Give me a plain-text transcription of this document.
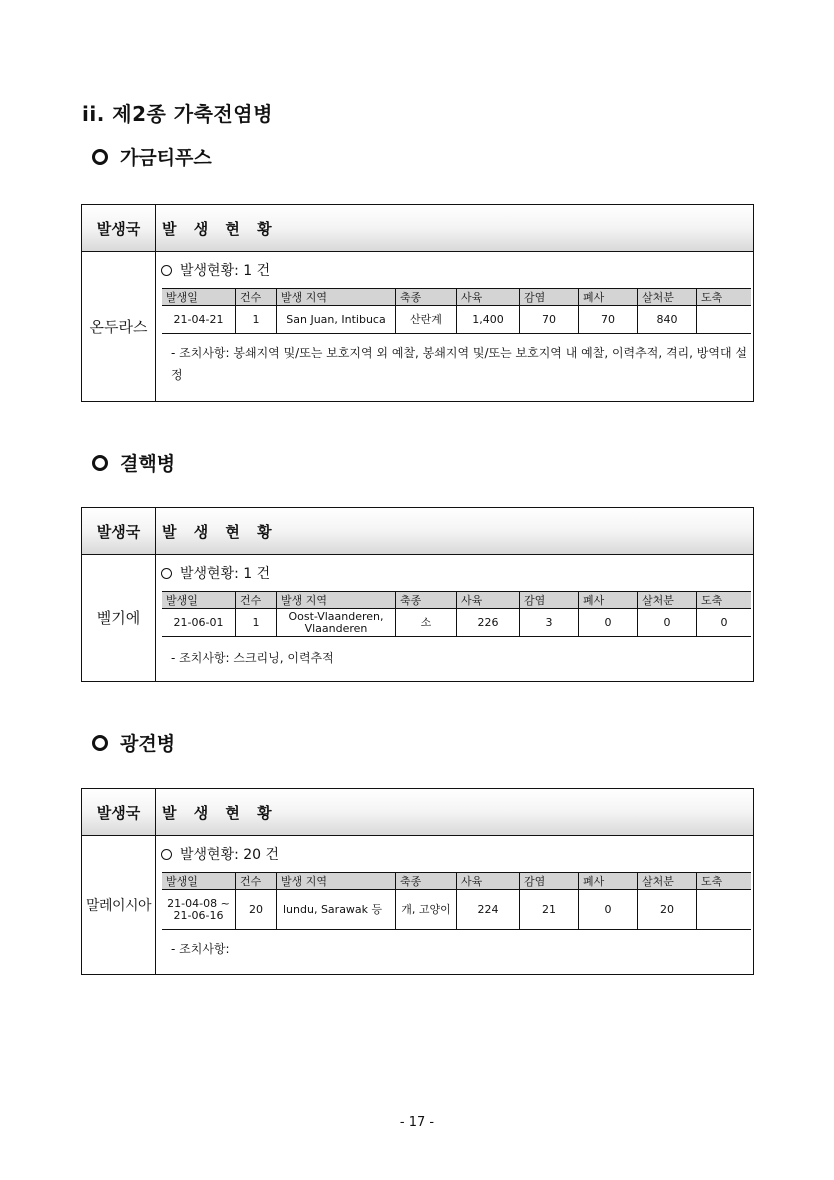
ii. 제2종 가축전염병
가금티푸스
발생국	발 생 현 황
온두라스
발생현황: 1 건
발생일	건수	발생 지역	축종	사육	감염	폐사	살처분	도축
21-04-21	1	San Juan, Intibuca	산란계	1,400	70	70	840	
- 조치사항: 봉쇄지역 및/또는 보호지역 외 예찰, 봉쇄지역 및/또는 보호지역 내 예찰, 이력추적, 격리, 방역대 설정
결핵병
발생국	발 생 현 황
벨기에
발생현황: 1 건
발생일	건수	발생 지역	축종	사육	감염	폐사	살처분	도축
21-06-01	1	Oost-Vlaanderen, Vlaanderen	소	226	3	0	0	0
- 조치사항: 스크리닝, 이력추적
광견병
발생국	발 생 현 황
말레이시아
발생현황: 20 건
발생일	건수	발생 지역	축종	사육	감염	폐사	살처분	도축
21-04-08 ~ 21-06-16	20	lundu, Sarawak 등	개, 고양이	224	21	0	20	
- 조치사항:
- 17 -
